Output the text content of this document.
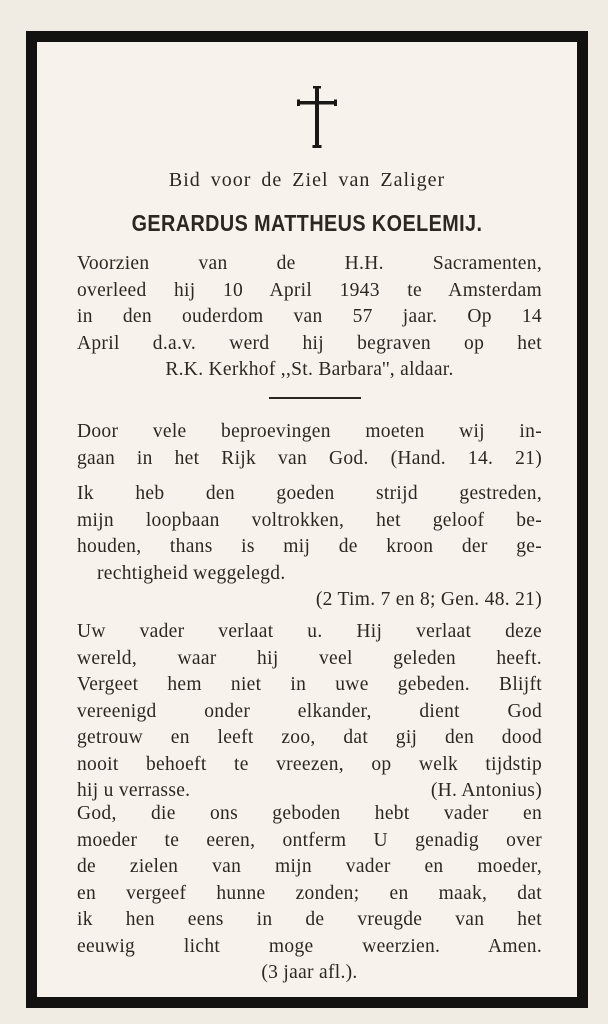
Bid voor de Ziel van Zaliger
GERARDUS MATTHEUS KOELEMIJ.
Voorzien van de H.H. Sacramenten,
overleed hij 10 April 1943 te Amsterdam
in den ouderdom van 57 jaar. Op 14
April d.a.v. werd hij begraven op het
R.K. Kerkhof ,,St. Barbara'', aldaar.
Door vele beproevingen moeten wij in-
gaan in het Rijk van God. (Hand. 14. 21)
Ik heb den goeden strijd gestreden,
mijn loopbaan voltrokken, het geloof be-
houden, thans is mij de kroon der ge-
rechtigheid weggelegd.
(2 Tim. 7 en 8; Gen. 48. 21)
Uw vader verlaat u. Hij verlaat deze
wereld, waar hij veel geleden heeft.
Vergeet hem niet in uwe gebeden. Blijft
vereenigd onder elkander, dient God
getrouw en leeft zoo, dat gij den dood
nooit behoeft te vreezen, op welk tijdstip
hij u verrasse.	(H. Antonius)
God, die ons geboden hebt vader en
moeder te eeren, ontferm U genadig over
de zielen van mijn vader en moeder,
en vergeef hunne zonden; en maak, dat
ik hen eens in de vreugde van het
eeuwig licht moge weerzien. Amen.
(3 jaar afl.).
